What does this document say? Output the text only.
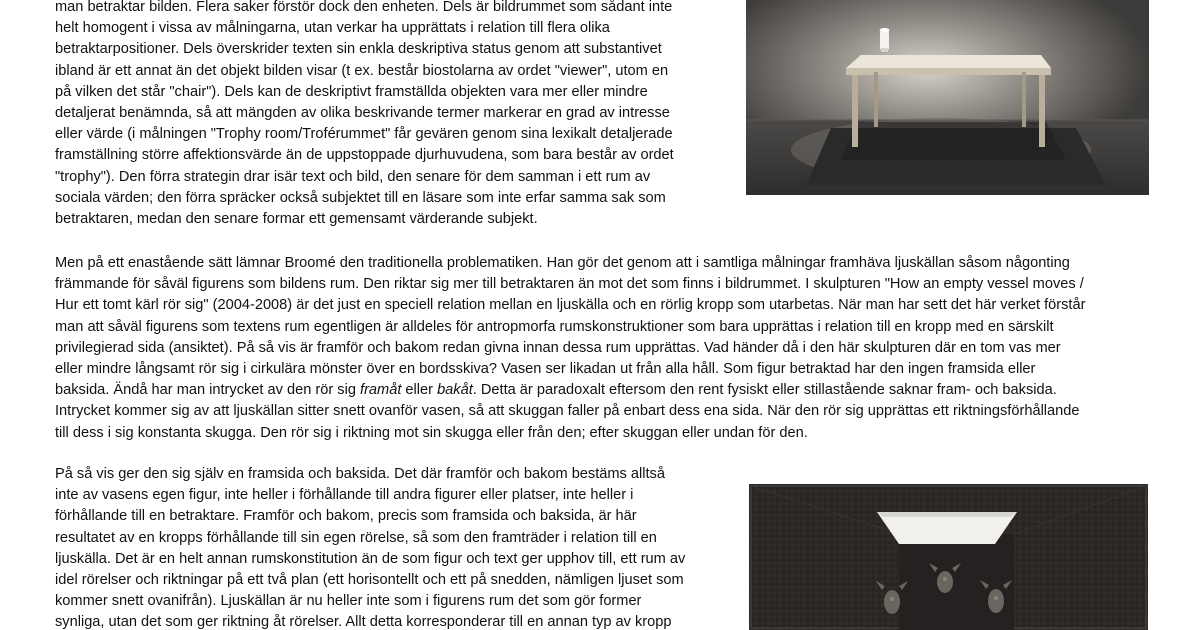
man betraktar bilden. Flera saker förstör dock den enheten. Dels är bildrummet som sådant inte
helt homogent i vissa av målningarna, utan verkar ha upprättats i relation till flera olika
betraktarpositioner. Dels överskrider texten sin enkla deskriptiva status genom att substantivet
ibland är ett annat än det objekt bilden visar (t ex. består biostolarna av ordet "viewer", utom en
på vilken det står "chair"). Dels kan de deskriptivt framställda objekten vara mer eller mindre
detaljerat benämnda, så att mängden av olika beskrivande termer markerar en grad av intresse
eller värde (i målningen "Trophy room/Troférummet" får gevären genom sina lexikalt detaljerade
framställning större affektionsvärde än de uppstoppade djurhuvudena, som bara består av ordet
"trophy"). Den förra strategin drar isär text och bild, den senare för dem samman i ett rum av
sociala värden; den förra spräcker också subjektet till en läsare som inte erfar samma sak som
betraktaren, medan den senare formar ett gemensamt värderande subjekt.
Men på ett enastående sätt lämnar Broomé den traditionella problematiken. Han gör det genom att i samtliga målningar framhäva ljuskällan såsom någonting
främmande för såväl figurens som bildens rum. Den riktar sig mer till betraktaren än mot det som finns i bildrummet. I skulpturen "How an empty vessel moves /
Hur ett tomt kärl rör sig" (2004-2008) är det just en speciell relation mellan en ljuskälla och en rörlig kropp som utarbetas. När man har sett det här verket förstår
man att såväl figurens som textens rum egentligen är alldeles för antropmorfa rumskonstruktioner som bara upprättas i relation till en kropp med en särskilt
privilegierad sida (ansiktet). På så vis är framför och bakom redan givna innan dessa rum upprättas. Vad händer då i den här skulpturen där en tom vas mer
eller mindre långsamt rör sig i cirkulära mönster över en bordsskiva? Vasen ser likadan ut från alla håll. Som figur betraktad har den ingen framsida eller
baksida. Ändå har man intrycket av den rör sig framåt eller bakåt. Detta är paradoxalt eftersom den rent fysiskt eller stillastående saknar fram- och baksida.
Intrycket kommer sig av att ljuskällan sitter snett ovanför vasen, så att skuggan faller på enbart dess ena sida. När den rör sig upprättas ett riktningsförhållande
till dess i sig konstanta skugga. Den rör sig i riktning mot sin skugga eller från den; efter skuggan eller undan för den.
På så vis ger den sig själv en framsida och baksida. Det där framför och bakom bestäms alltså
inte av vasens egen figur, inte heller i förhållande till andra figurer eller platser, inte heller i
förhållande till en betraktare. Framför och bakom, precis som framsida och baksida, är här
resultatet av en kropps förhållande till sin egen rörelse, så som den framträder i relation till en
ljuskälla. Det är en helt annan rumskonstitution än de som figur och text ger upphov till, ett rum av
idel rörelser och riktningar på ett två plan (ett horisontellt och ett på snedden, nämligen ljuset som
kommer snett ovanifrån). Ljuskällan är nu heller inte som i figurens rum det som gör former
synliga, utan det som ger riktning åt rörelser. Allt detta korresponderar till en annan typ av kropp
